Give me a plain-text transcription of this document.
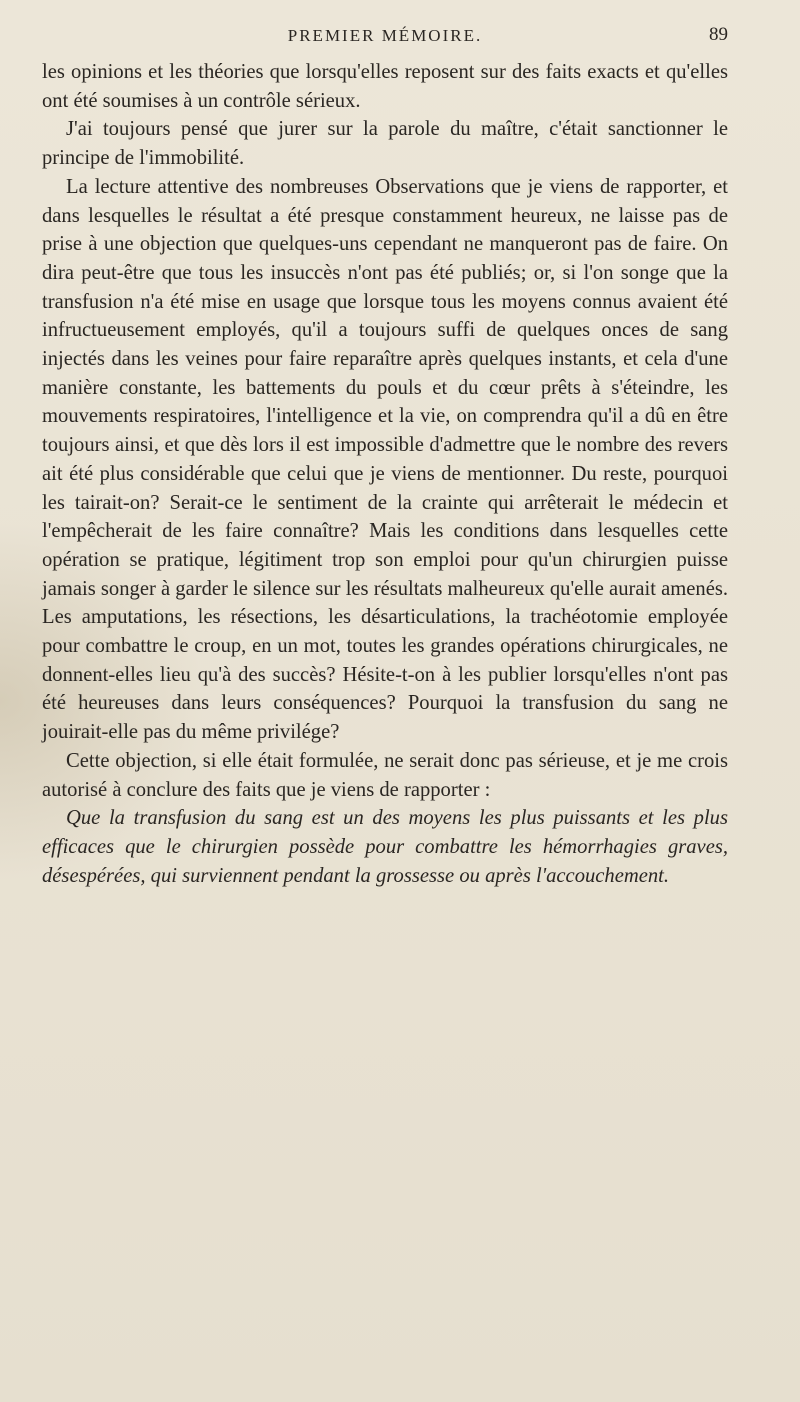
PREMIER MÉMOIRE.	89

les opinions et les théories que lorsqu'elles reposent sur des faits exacts et qu'elles ont été soumises à un contrôle sérieux.

J'ai toujours pensé que jurer sur la parole du maître, c'était sanctionner le principe de l'immobilité.

La lecture attentive des nombreuses Observations que je viens de rapporter, et dans lesquelles le résultat a été presque constamment heureux, ne laisse pas de prise à une objection que quelques-uns cependant ne manqueront pas de faire. On dira peut-être que tous les insuccès n'ont pas été publiés; or, si l'on songe que la transfusion n'a été mise en usage que lorsque tous les moyens connus avaient été infructueusement employés, qu'il a toujours suffi de quelques onces de sang injectés dans les veines pour faire reparaître après quelques instants, et cela d'une manière constante, les battements du pouls et du cœur prêts à s'éteindre, les mouvements respiratoires, l'intelligence et la vie, on comprendra qu'il a dû en être toujours ainsi, et que dès lors il est impossible d'admettre que le nombre des revers ait été plus considérable que celui que je viens de mentionner. Du reste, pourquoi les tairait-on? Serait-ce le sentiment de la crainte qui arrêterait le médecin et l'empêcherait de les faire connaître? Mais les conditions dans lesquelles cette opération se pratique, légitiment trop son emploi pour qu'un chirurgien puisse jamais songer à garder le silence sur les résultats malheureux qu'elle aurait amenés. Les amputations, les résections, les désarticulations, la trachéotomie employée pour combattre le croup, en un mot, toutes les grandes opérations chirurgicales, ne donnent-elles lieu qu'à des succès? Hésite-t-on à les publier lorsqu'elles n'ont pas été heureuses dans leurs conséquences? Pourquoi la transfusion du sang ne jouirait-elle pas du même privilége?

Cette objection, si elle était formulée, ne serait donc pas sérieuse, et je me crois autorisé à conclure des faits que je viens de rapporter :

Que la transfusion du sang est un des moyens les plus puissants et les plus efficaces que le chirurgien possède pour combattre les hémorrhagies graves, désespérées, qui surviennent pendant la grossesse ou après l'accouchement.
